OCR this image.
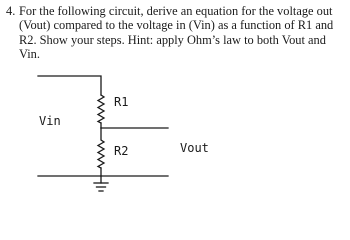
4. For the following circuit, derive an equation for the voltage out (Vout) compared to the voltage in (Vin) as a function of R1 and R2. Show your steps. Hint: apply Ohm’s law to both Vout and Vin.
Vin
R1
R2	Vout
